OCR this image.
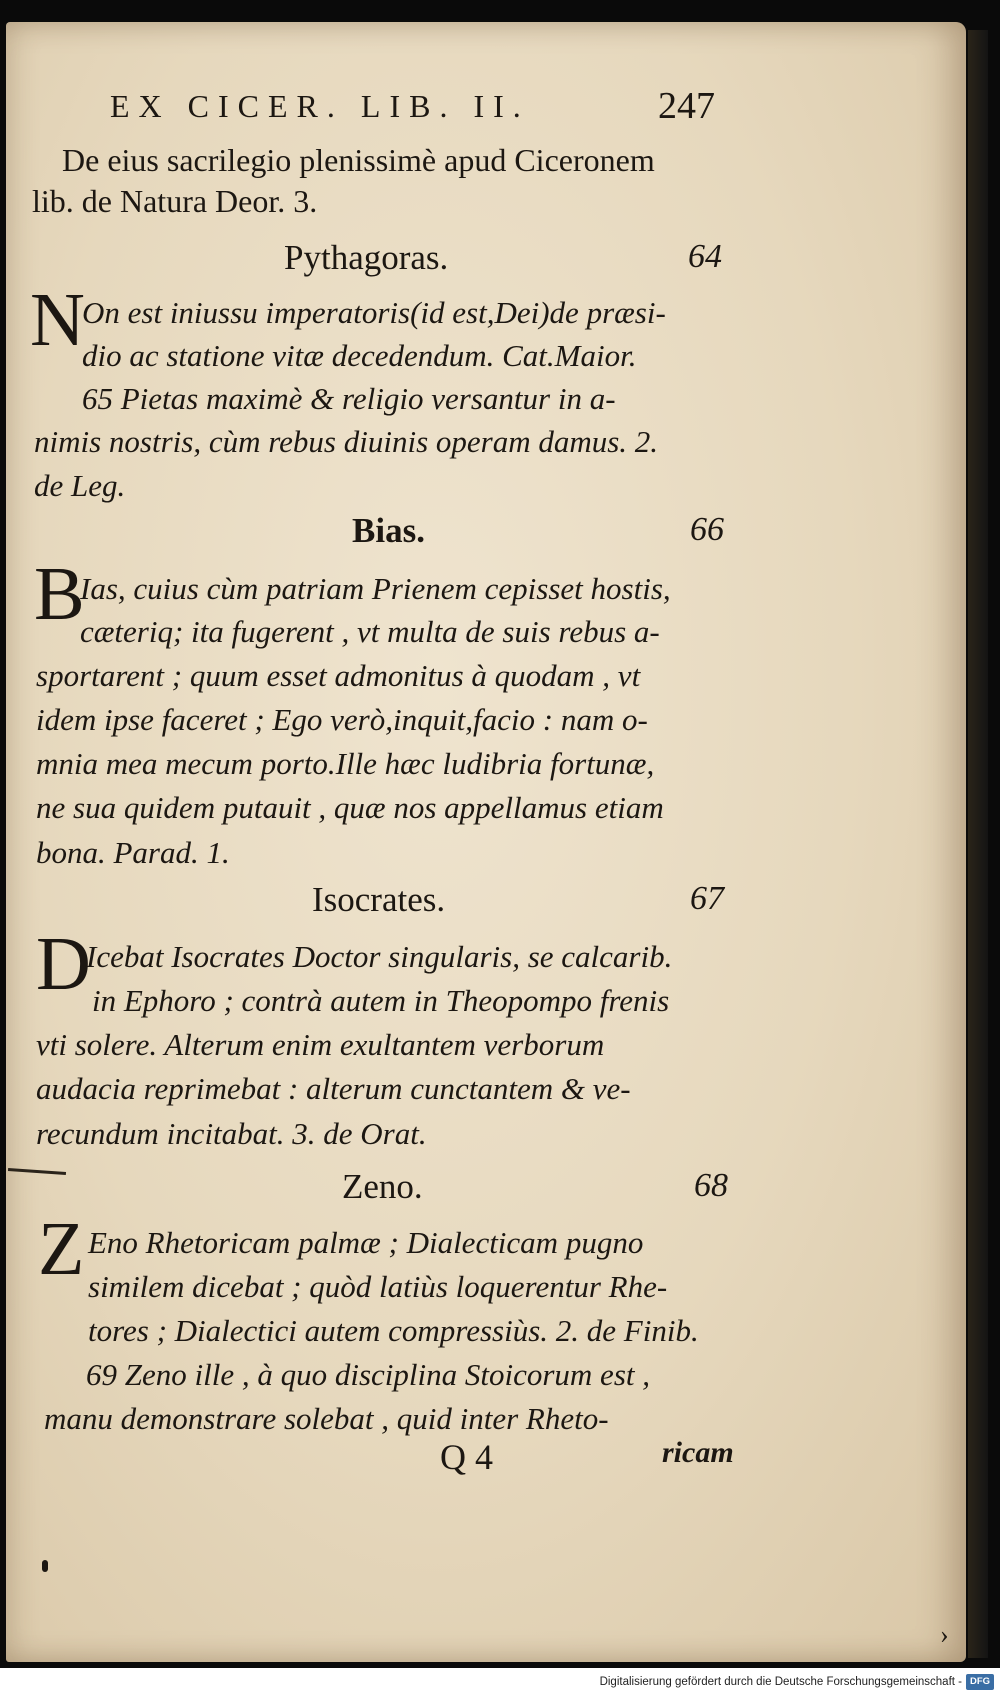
EX CICER. LIB. II.	247

De eius sacrilegio plenissimè apud Ciceronem

lib. de Natura Deor. 3.

Pythagoras.	64

N

On est iniussu imperatoris(id est,Dei)de præsi-

dio ac statione vitæ decedendum. Cat.Maior.

65 Pietas maximè & religio versantur in a-

nimis nostris, cùm rebus diuinis operam damus. 2.

de Leg.

Bias.	66

B

Ias, cuius cùm patriam Prienem cepisset hostis,

cæteriq; ita fugerent , vt multa de suis rebus a-

sportarent ; quum esset admonitus à quodam , vt

idem ipse faceret ; Ego verò,inquit,facio : nam o-

mnia mea mecum porto.Ille hæc ludibria fortunæ,

ne sua quidem putauit , quæ nos appellamus etiam

bona. Parad. 1.

Isocrates.	67

D

Icebat Isocrates Doctor singularis, se calcarib.

in Ephoro ; contrà autem in Theopompo frenis

vti solere. Alterum enim exultantem verborum

audacia reprimebat : alterum cunctantem & ve-

recundum incitabat. 3. de Orat.

Zeno.	68

Z Eno Rhetoricam palmæ ; Dialecticam pugno

similem dicebat ; quòd latiùs loquerentur Rhe-

tores ; Dialectici autem compressiùs. 2. de Finib.

69 Zeno ille , à quo disciplina Stoicorum est ,

manu demonstrare solebat , quid inter Rheto-

Q 4	ricam

›
Digitalisierung gefördert durch die Deutsche Forschungsgemeinschaft - DFG
